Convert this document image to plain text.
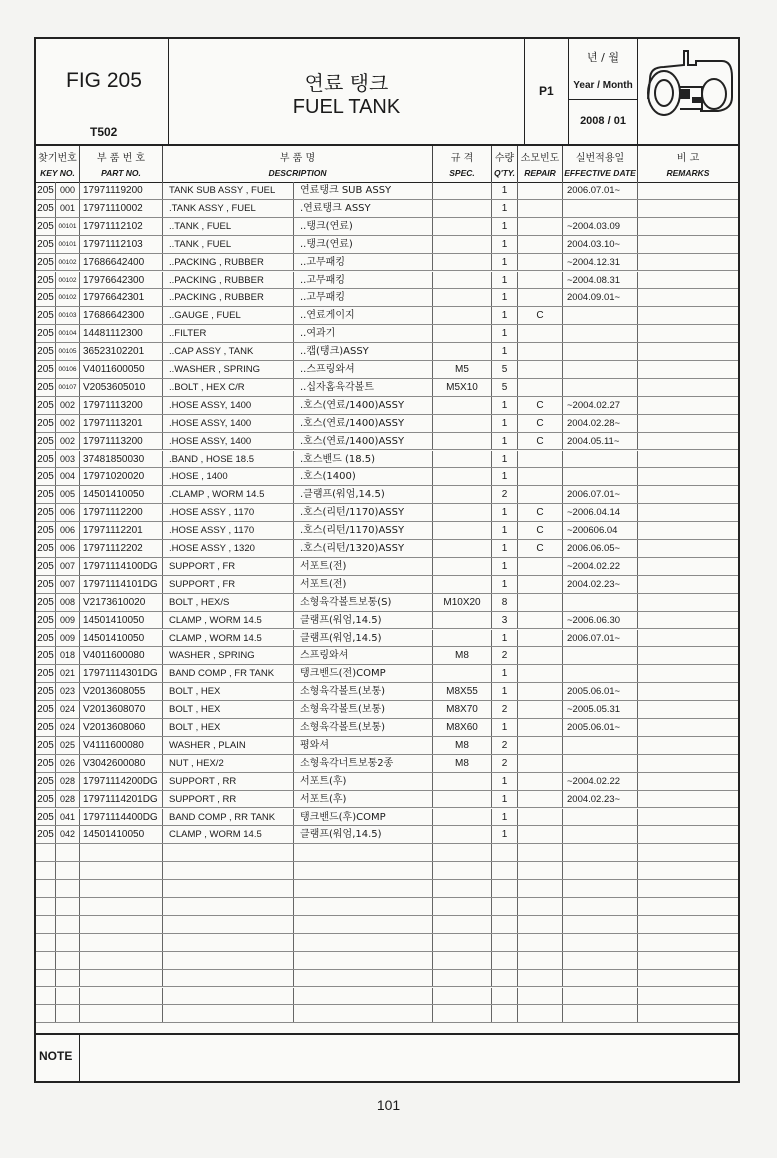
FIG 205
T502
연료 탱크
FUEL TANK
P1
년 / 월
Year / Month
2008 / 01
찾기번호
KEY NO.
부 품 번 호
PART NO.
부 품 명
DESCRIPTION
규 격
SPEC.
수량
Q'TY.
소모빈도
REPAIR
실번적용일
EFFECTIVE DATE
비 고
REMARKS
205 000 17971119200	TANK SUB ASSY , FUEL	연료탱크 SUB ASSY	1	2006.07.01~
205 001 17971110002	.TANK ASSY , FUEL	.연료탱크 ASSY	1
205 00101 17971112102	..TANK , FUEL	..탱크(연료)	1	~2004.03.09
205 00101 17971112103	..TANK , FUEL	..탱크(연료)	1	2004.03.10~
205 00102 17686642400	..PACKING , RUBBER	..고무패킹	1	~2004.12.31
205 00102 17976642300	..PACKING , RUBBER	..고무패킹	1	~2004.08.31
205 00102 17976642301	..PACKING , RUBBER	..고무패킹	1	2004.09.01~
205 00103 17686642300	..GAUGE , FUEL	..연료게이지	1	C
205 00104 14481112300	..FILTER	..여과기	1
205 00105 36523102201	..CAP ASSY , TANK	..캡(탱크)ASSY	1
205 00106 V4011600050	..WASHER , SPRING	..스프링와셔	M5	5
205 00107 V2053605010	..BOLT , HEX C/R	..십자홈육각볼트	M5X10	5
205 002 17971113200	.HOSE ASSY, 1400	.호스(연료/1400)ASSY	1	C	~2004.02.27
205 002 17971113201	.HOSE ASSY, 1400	.호스(연료/1400)ASSY	1	C	2004.02.28~
205 002 17971113200	.HOSE ASSY, 1400	.호스(연료/1400)ASSY	1	C	2004.05.11~
205 003 37481850030	.BAND , HOSE 18.5	.호스밴드 (18.5)	1
205 004 17971020020	.HOSE , 1400	.호스(1400)	1
205 005 14501410050	.CLAMP , WORM 14.5	.클램프(워엄,14.5)	2	2006.07.01~
205 006 17971112200	.HOSE ASSY , 1170	.호스(리턴/1170)ASSY	1	C	~2006.04.14
205 006 17971112201	.HOSE ASSY , 1170	.호스(리턴/1170)ASSY	1	C	~200606.04
205 006 17971112202	.HOSE ASSY , 1320	.호스(리턴/1320)ASSY	1	C	2006.06.05~
205 007 17971114100DG	SUPPORT , FR	서포트(전)	1	~2004.02.22
205 007 17971114101DG	SUPPORT , FR	서포트(전)	1	2004.02.23~
205 008 V2173610020	BOLT , HEX/S	소형육각볼트보통(S)	M10X20	8
205 009 14501410050	CLAMP , WORM 14.5	클램프(워엄,14.5)	3	~2006.06.30
205 009 14501410050	CLAMP , WORM 14.5	클램프(워엄,14.5)	1	2006.07.01~
205 018 V4011600080	WASHER , SPRING	스프링와셔	M8	2
205 021 17971114301DG	BAND COMP , FR TANK	탱크밴드(전)COMP	1
205 023 V2013608055	BOLT , HEX	소형육각볼트(보통)	M8X55	1	2005.06.01~
205 024 V2013608070	BOLT , HEX	소형육각볼트(보통)	M8X70	2	~2005.05.31
205 024 V2013608060	BOLT , HEX	소형육각볼트(보통)	M8X60	1	2005.06.01~
205 025 V4111600080	WASHER , PLAIN	평와셔	M8	2
205 026 V3042600080	NUT , HEX/2	소형육각너트보통2종	M8	2
205 028 17971114200DG	SUPPORT , RR	서포트(후)	1	~2004.02.22
205 028 17971114201DG	SUPPORT , RR	서포트(후)	1	2004.02.23~
205 041 17971114400DG	BAND COMP , RR TANK	탱크밴드(후)COMP	1
205 042 14501410050	CLAMP , WORM 14.5	클램프(워엄,14.5)	1
NOTE
101
